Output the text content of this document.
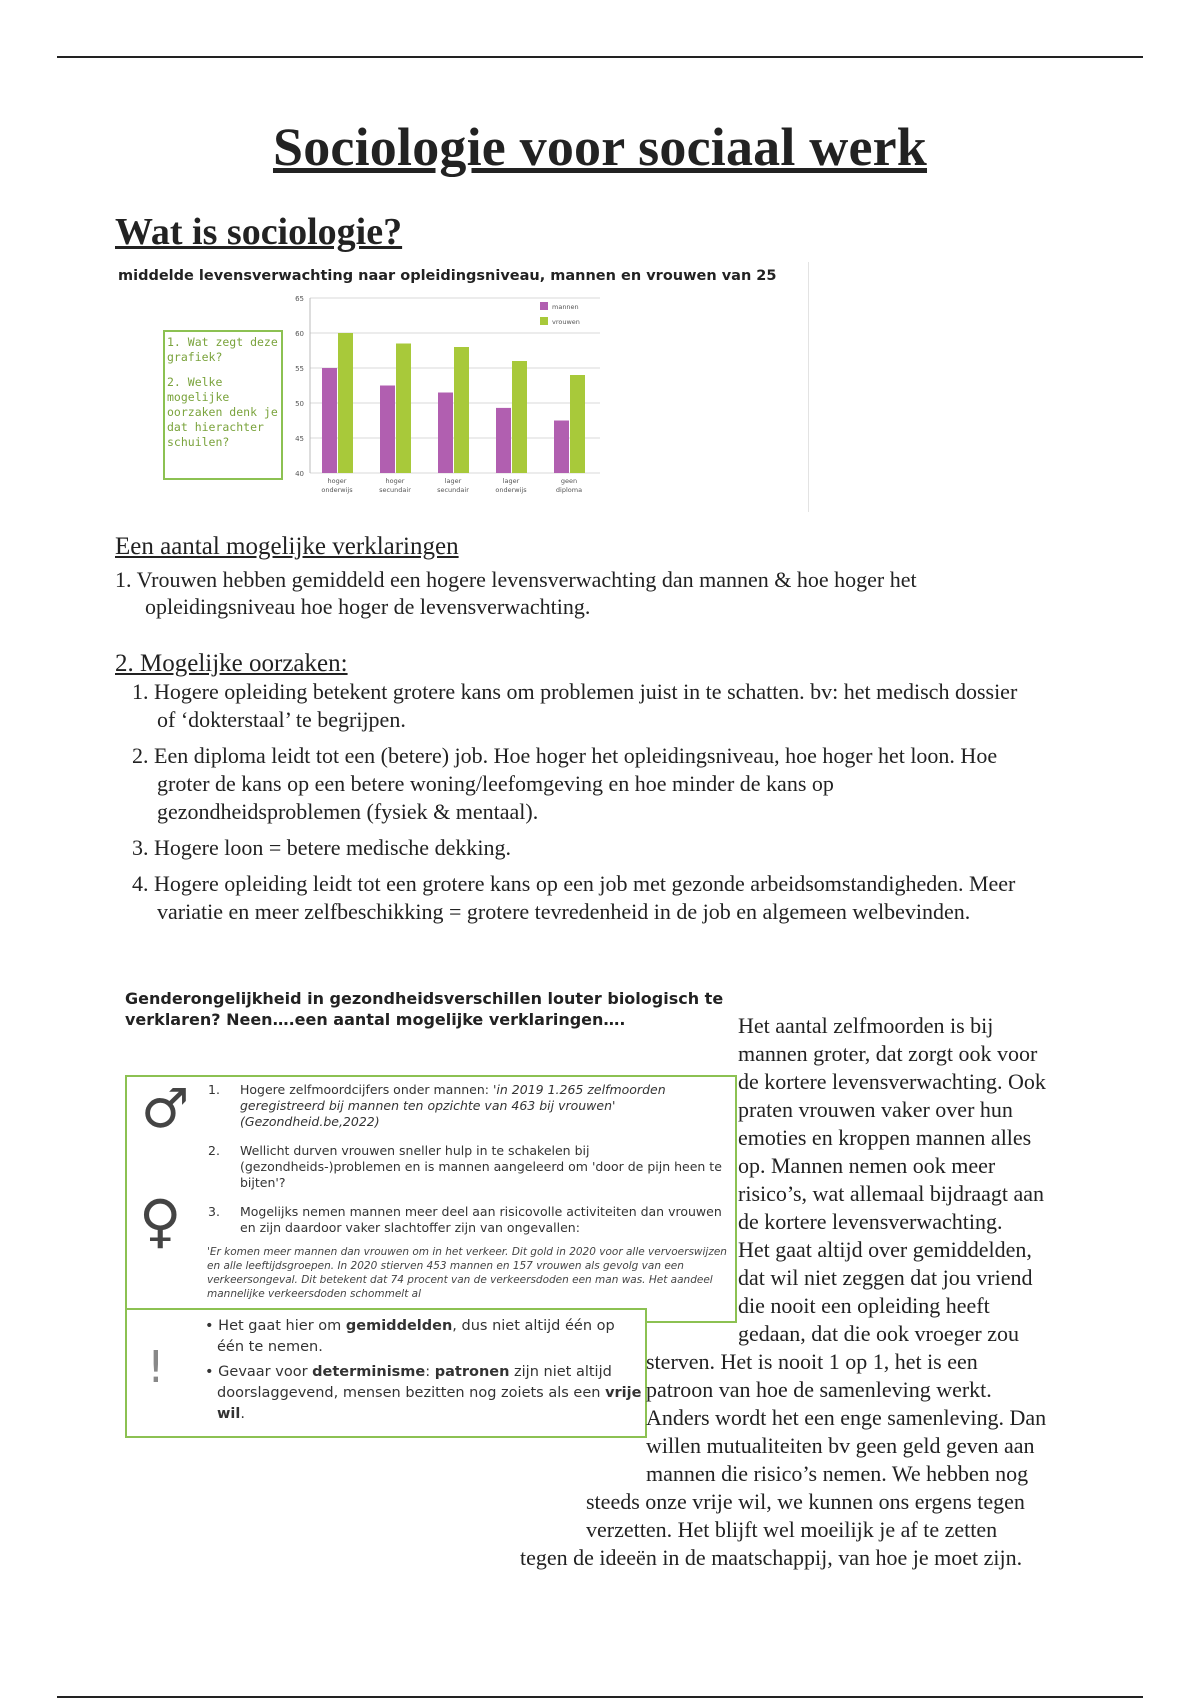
Sociologie voor sociaal werk
Wat is sociologie?
middelde levensverwachting naar opleidingsniveau, mannen en vrouwen van 25

1. Wat zegt deze grafiek?

2. Welke mogelijke oorzaken denk je dat hierachter schuilen?

40
45
50
55
60
65
hoger
onderwijs
hoger
secundair
lager
secundair
lager
onderwijs
geen
diploma
mannen
vrouwen
Een aantal mogelijke verklaringen
1. Vrouwen hebben gemiddeld een hogere levensverwachting dan mannen & hoe hoger het opleidingsniveau hoe hoger de levensverwachting.
2. Mogelijke oorzaken:
1. Hogere opleiding betekent grotere kans om problemen juist in te schatten. bv: het medisch dossier of ‘dokterstaal’ te begrijpen.
2. Een diploma leidt tot een (betere) job. Hoe hoger het opleidingsniveau, hoe hoger het loon. Hoe groter de kans op een betere woning/leefomgeving en hoe minder de kans op gezondheidsproblemen (fysiek & mentaal).
3. Hogere loon = betere medische dekking.
4. Hogere opleiding leidt tot een grotere kans op een job met gezonde arbeidsomstandigheden. Meer variatie en meer zelfbeschikking = grotere tevredenheid in de job en algemeen welbevinden.
Genderongelijkheid in gezondheidsverschillen louter biologisch te verklaren? Neen….een aantal mogelijke verklaringen….
♂
♀
1. Hogere zelfmoordcijfers onder mannen: 'in 2019 1.265 zelfmoorden geregistreerd bij mannen ten opzichte van 463 bij vrouwen' (Gezondheid.be,2022)
2. Wellicht durven vrouwen sneller hulp in te schakelen bij (gezondheids-)problemen en is mannen aangeleerd om 'door de pijn heen te bijten'?
3. Mogelijks nemen mannen meer deel aan risicovolle activiteiten dan vrouwen en zijn daardoor vaker slachtoffer zijn van ongevallen:
'Er komen meer mannen dan vrouwen om in het verkeer. Dit gold in 2020 voor alle vervoerswijzen en alle leeftijdsgroepen. In 2020 stierven 453 mannen en 157 vrouwen als gevolg van een verkeersongeval. Dit betekent dat 74 procent van de verkeersdoden een man was. Het aandeel mannelijke verkeersdoden schommelt al
!
• Het gaat hier om gemiddelden, dus niet altijd één op één te nemen.
• Gevaar voor determinisme: patronen zijn niet altijd doorslaggevend, mensen bezitten nog zoiets als een vrije wil.

Het aantal zelfmoorden is bij

mannen groter, dat zorgt ook voor

de kortere levensverwachting. Ook

praten vrouwen vaker over hun

emoties en kroppen mannen alles

op. Mannen nemen ook meer

risico’s, wat allemaal bijdraagt aan

de kortere levensverwachting.

Het gaat altijd over gemiddelden,

dat wil niet zeggen dat jou vriend

die nooit een opleiding heeft

gedaan, dat die ook vroeger zou

sterven. Het is nooit 1 op 1, het is een

patroon van hoe de samenleving werkt.

Anders wordt het een enge samenleving. Dan

willen mutualiteiten bv geen geld geven aan

mannen die risico’s nemen. We hebben nog

steeds onze vrije wil, we kunnen ons ergens tegen

verzetten. Het blijft wel moeilijk je af te zetten

tegen de ideeën in de maatschappij, van hoe je moet zijn.
